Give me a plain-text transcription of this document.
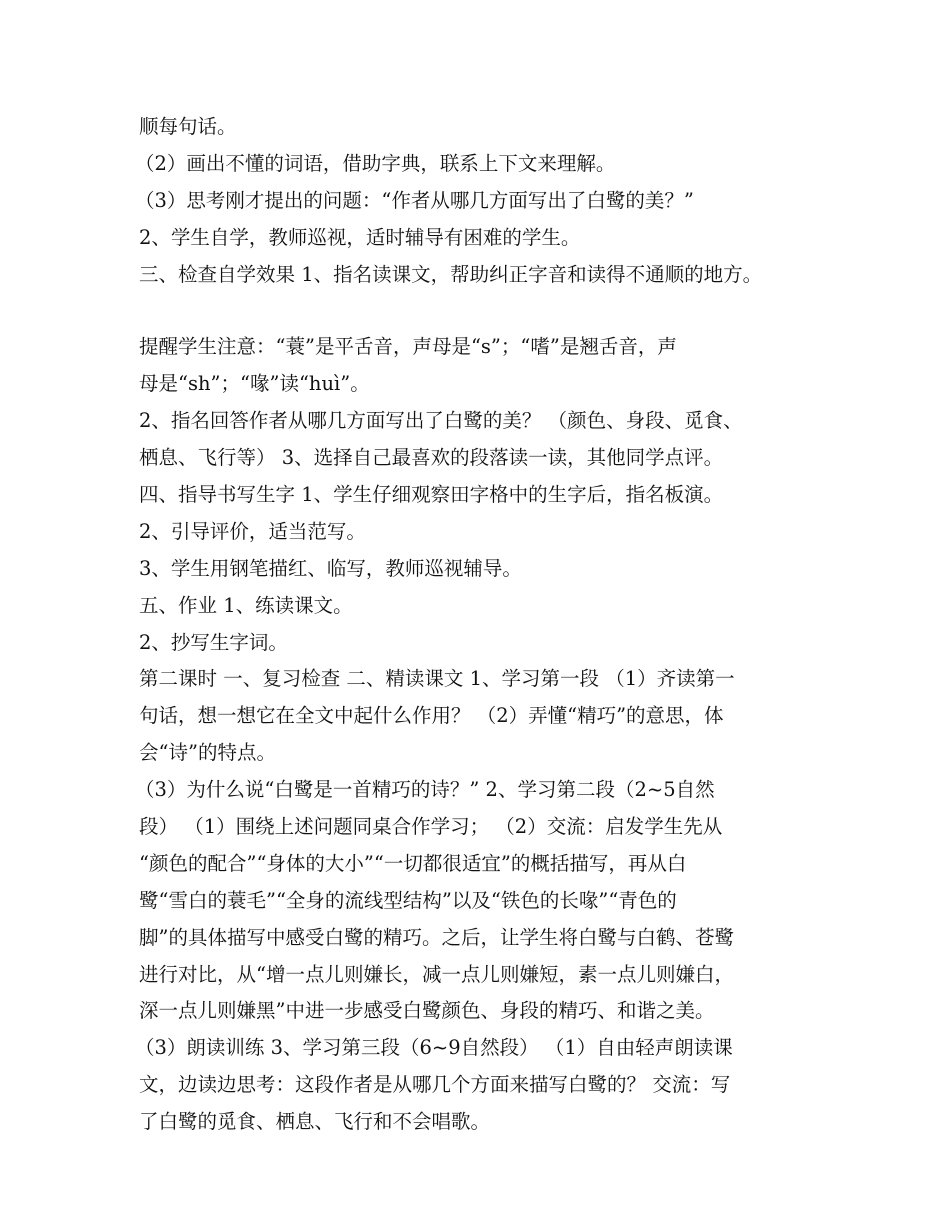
顺每句话。
（2）画出不懂的词语，借助字典，联系上下文来理解。
（3）思考刚才提出的问题：“作者从哪几方面写出了白鹭的美？”
2、学生自学，教师巡视，适时辅导有困难的学生。
三、检查自学效果 1、指名读课文，帮助纠正字音和读得不通顺的地方。
提醒学生注意：“蓑”是平舌音，声母是“s”；“嗜”是翘舌音，声
母是“sh”；“喙”读“huì”。
2、指名回答作者从哪几方面写出了白鹭的美？ （颜色、身段、觅食、
栖息、飞行等） 3、选择自己最喜欢的段落读一读，其他同学点评。
四、指导书写生字 1、学生仔细观察田字格中的生字后，指名板演。
2、引导评价，适当范写。
3、学生用钢笔描红、临写，教师巡视辅导。
五、作业 1、练读课文。
2、抄写生字词。
第二课时 一、复习检查 二、精读课文 1、学习第一段 （1）齐读第一
句话，想一想它在全文中起什么作用？ （2）弄懂“精巧”的意思，体
会“诗”的特点。
（3）为什么说“白鹭是一首精巧的诗？” 2、学习第二段（2~5自然
段） （1）围绕上述问题同桌合作学习； （2）交流：启发学生先从
“颜色的配合”“身体的大小”“一切都很适宜”的概括描写，再从白
鹭“雪白的蓑毛”“全身的流线型结构”以及“铁色的长喙”“青色的
脚”的具体描写中感受白鹭的精巧。之后，让学生将白鹭与白鹤、苍鹭
进行对比，从“增一点儿则嫌长，减一点儿则嫌短，素一点儿则嫌白，
深一点儿则嫌黑”中进一步感受白鹭颜色、身段的精巧、和谐之美。
（3）朗读训练 3、学习第三段（6~9自然段） （1）自由轻声朗读课
文，边读边思考：这段作者是从哪几个方面来描写白鹭的？ 交流：写
了白鹭的觅食、栖息、飞行和不会唱歌。
